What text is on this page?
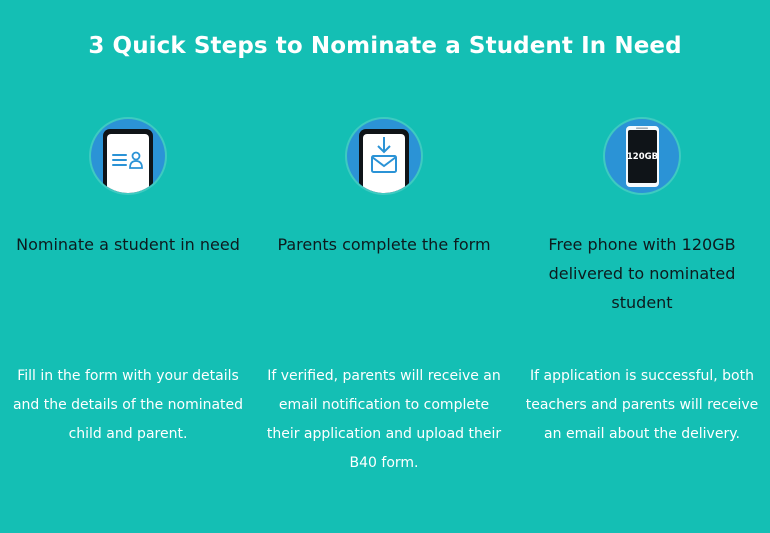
3 Quick Steps to Nominate a Student In Need
Nominate a student in need
Fill in the form with your details and the details of the nominated child and parent.
Parents complete the form
If verified, parents will receive an email notification to complete their application and upload their B40 form.
120GB
Free phone with 120GB delivered to nominated student
If application is successful, both teachers and parents will receive an email about the delivery.
